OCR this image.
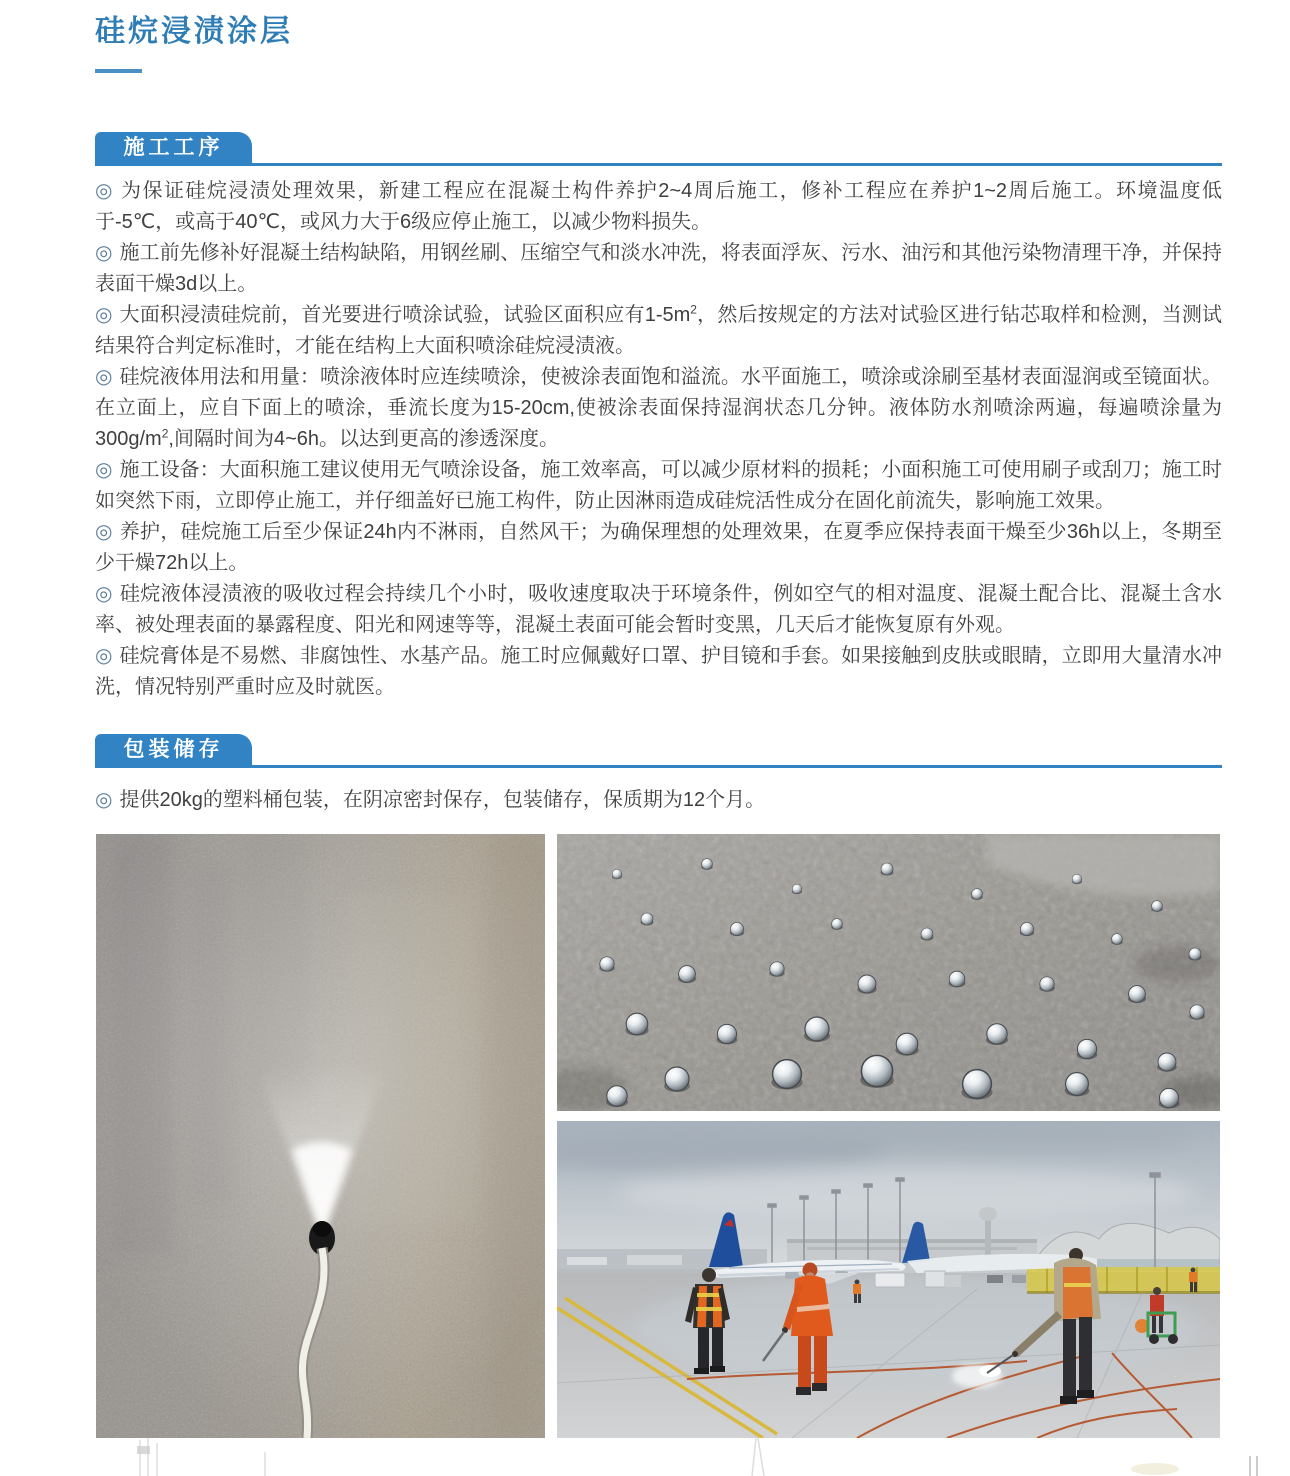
硅烷浸渍涂层
施工工序

◎ 为保证硅烷浸渍处理效果，新建工程应在混凝土构件养护2~4周后施工，修补工程应在养护1~2周后施工。环境温度低于-5℃，或高于40℃，或风力大于6级应停止施工，以减少物料损失。

◎ 施工前先修补好混凝土结构缺陷，用钢丝刷、压缩空气和淡水冲洗，将表面浮灰、污水、油污和其他污染物清理干净，并保持表面干燥3d以上。

◎ 大面积浸渍硅烷前，首光要进行喷涂试验，试验区面积应有$1-5m^2$，然后按规定的方法对试验区进行钻芯取样和检测，当测试结果符合判定标准时，才能在结构上大面积喷涂硅烷浸渍液。

◎ 硅烷液体用法和用量：喷涂液体时应连续喷涂，使被涂表面饱和溢流。水平面施工，喷涂或涂刷至基材表面湿润或至镜面状。在立面上，应自下面上的喷涂，垂流长度为15-20cm,使被涂表面保持湿润状态几分钟。液体防水剂喷涂两遍，每遍喷涂量为$300g/m^2$,间隔时间为4~6h。以达到更高的渗透深度。

◎ 施工设备：大面积施工建议使用无气喷涂设备，施工效率高，可以减少原材料的损耗；小面积施工可使用刷子或刮刀；施工时如突然下雨，立即停止施工，并仔细盖好已施工构件，防止因淋雨造成硅烷活性成分在固化前流失，影响施工效果。

◎ 养护，硅烷施工后至少保证24h内不淋雨，自然风干；为确保理想的处理效果，在夏季应保持表面干燥至少36h以上，冬期至少干燥72h以上。

◎ 硅烷液体浸渍液的吸收过程会持续几个小时，吸收速度取决于环境条件，例如空气的相对温度、混凝土配合比、混凝土含水率、被处理表面的暴露程度、阳光和网速等等，混凝土表面可能会暂时变黑，几天后才能恢复原有外观。

◎ 硅烷膏体是不易燃、非腐蚀性、水基产品。施工时应佩戴好口罩、护目镜和手套。如果接触到皮肤或眼睛，立即用大量清水冲洗，情况特别严重时应及时就医。

包装储存

◎ 提供20kg的塑料桶包装，在阴凉密封保存，包装储存，保质期为12个月。
